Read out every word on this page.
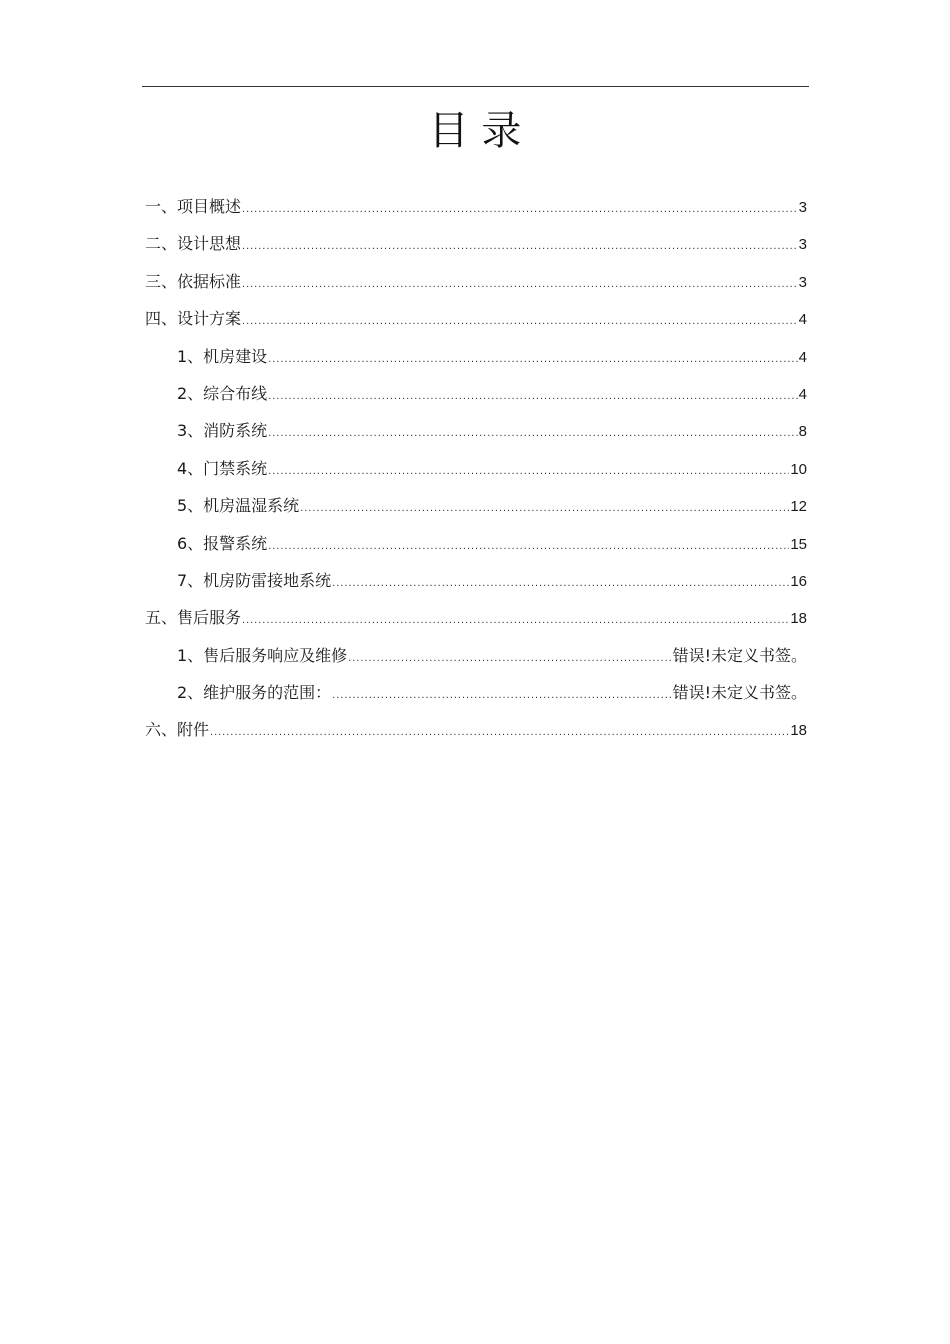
目 录
一、项目概述 .....	3
二、设计思想 .....	3
三、依据标准 .....	3
四、设计方案 .....	4
1、机房建设 .....	4
2、综合布线 .....	4
3、消防系统 .....	8
4、门禁系统 .....	10
5、机房温湿系统 .....	12
6、报警系统 .....	15
7、机房防雷接地系统 .....	16
五、售后服务 .....	18
1、售后服务响应及维修 .....	错误!未定义书签。
2、维护服务的范围： .....	错误!未定义书签。
六、附件 .....	18
